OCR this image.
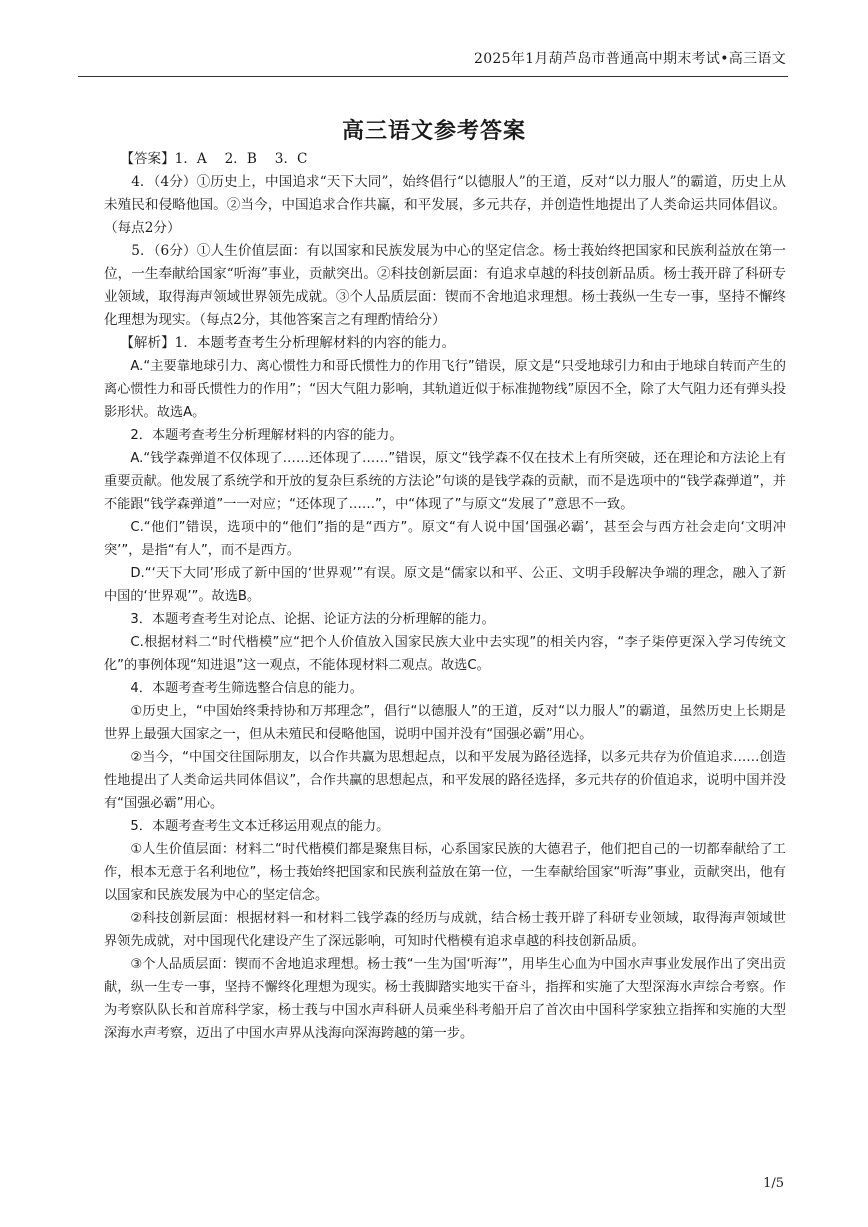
2025年1月葫芦岛市普通高中期末考试•高三语文
高三语文参考答案

【答案】1．A　 2．B　 3．C

4．（4分）①历史上，中国追求“天下大同”，始终倡行“以德服人”的王道，反对“以力服人”的霸道，历史上从未殖民和侵略他国。②当今，中国追求合作共赢，和平发展，多元共存，并创造性地提出了人类命运共同体倡议。（每点2分）

5．（6分）①人生价值层面：有以国家和民族发展为中心的坚定信念。杨士莪始终把国家和民族利益放在第一位，一生奉献给国家“听海”事业，贡献突出。②科技创新层面：有追求卓越的科技创新品质。杨士莪开辟了科研专业领域，取得海声领域世界领先成就。③个人品质层面：锲而不舍地追求理想。杨士莪纵一生专一事，坚持不懈终化理想为现实。（每点2分，其他答案言之有理酌情给分）

【解析】1．本题考查考生分析理解材料的内容的能力。

A.“主要靠地球引力、离心惯性力和哥氏惯性力的作用飞行”错误，原文是“只受地球引力和由于地球自转而产生的离心惯性力和哥氏惯性力的作用”；“因大气阻力影响，其轨道近似于标准抛物线”原因不全，除了大气阻力还有弹头投影形状。故选A。

2．本题考查考生分析理解材料的内容的能力。

A.“钱学森弹道不仅体现了……还体现了……”错误，原文“钱学森不仅在技术上有所突破，还在理论和方法论上有重要贡献。他发展了系统学和开放的复杂巨系统的方法论”句谈的是钱学森的贡献，而不是选项中的“钱学森弹道”，并不能跟“钱学森弹道”一一对应；“还体现了……”，中“体现了”与原文“发展了”意思不一致。

C.“他们”错误，选项中的“他们”指的是“西方”。原文“有人说中国‘国强必霸’，甚至会与西方社会走向‘文明冲突’”，是指“有人”，而不是西方。

D.“‘天下大同’形成了新中国的‘世界观’”有误。原文是“儒家以和平、公正、文明手段解决争端的理念，融入了新中国的‘世界观’”。故选B。

3．本题考查考生对论点、论据、论证方法的分析理解的能力。

C.根据材料二“时代楷模”应“把个人价值放入国家民族大业中去实现”的相关内容，“李子柒停更深入学习传统文化”的事例体现“知进退”这一观点，不能体现材料二观点。故选C。

4．本题考查考生筛选整合信息的能力。

①历史上，“中国始终秉持协和万邦理念”，倡行“以德服人”的王道，反对“以力服人”的霸道，虽然历史上长期是世界上最强大国家之一，但从未殖民和侵略他国，说明中国并没有“国强必霸”用心。

②当今，“中国交往国际朋友，以合作共赢为思想起点，以和平发展为路径选择，以多元共存为价值追求……创造性地提出了人类命运共同体倡议”，合作共赢的思想起点，和平发展的路径选择，多元共存的价值追求，说明中国并没有“国强必霸”用心。

5．本题考查考生文本迁移运用观点的能力。

①人生价值层面：材料二“时代楷模们都是聚焦目标，心系国家民族的大德君子，他们把自己的一切都奉献给了工作，根本无意于名利地位”，杨士莪始终把国家和民族利益放在第一位，一生奉献给国家“听海”事业，贡献突出，他有以国家和民族发展为中心的坚定信念。

②科技创新层面：根据材料一和材料二钱学森的经历与成就，结合杨士莪开辟了科研专业领域，取得海声领域世界领先成就，对中国现代化建设产生了深远影响，可知时代楷模有追求卓越的科技创新品质。

③个人品质层面：锲而不舍地追求理想。杨士莪“一生为国‘听海’”，用毕生心血为中国水声事业发展作出了突出贡献，纵一生专一事，坚持不懈终化理想为现实。杨士莪脚踏实地实干奋斗，指挥和实施了大型深海水声综合考察。作为考察队队长和首席科学家，杨士莪与中国水声科研人员乘坐科考船开启了首次由中国科学家独立指挥和实施的大型深海水声考察，迈出了中国水声界从浅海向深海跨越的第一步。

1/5
